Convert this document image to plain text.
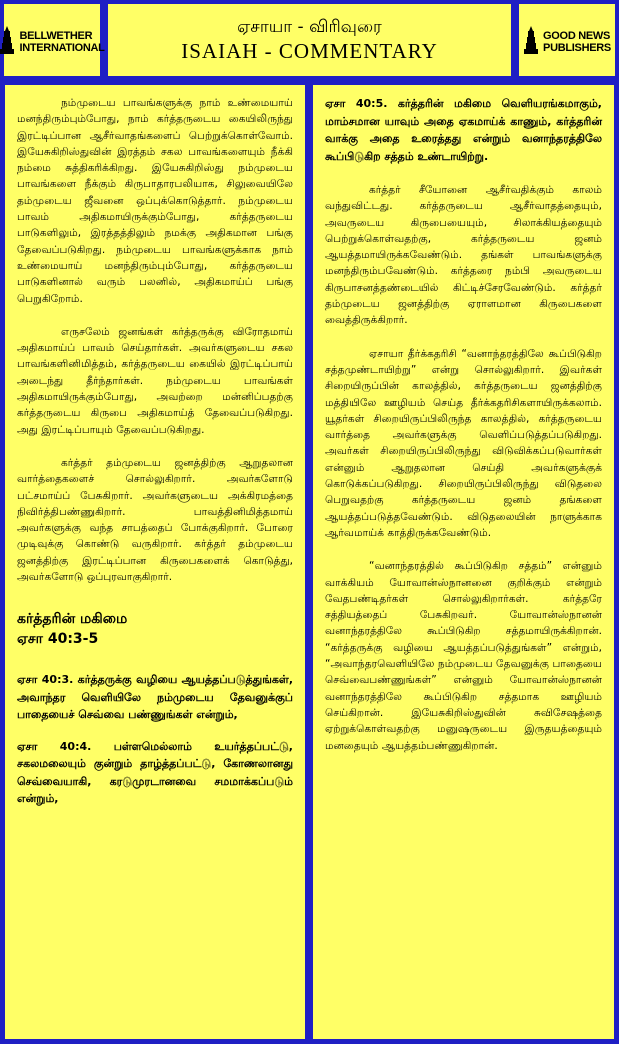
BELLWETHER
INTERNATIONAL
ஏசாயா - விரிவுரை
ISAIAH - COMMENTARY
GOOD NEWS
PUBLISHERS

நம்முடைய பாவங்களுக்கு நாம் உண்மையாய் மனந்திரும்பும்போது, நாம் கர்த்தருடைய கையிலிருந்து இரட்டிப்பான ஆசீர்வாதங்களைப் பெற்றுக்கொள்வோம். இயேசுகிறிஸ்துவின் இரத்தம் சகல பாவங்களையும் நீக்கி நம்மை சுத்திகரிக்கிறது. இயேசுகிறிஸ்து நம்முடைய பாவங்களை நீக்கும் கிருபாதாரபலியாக, சிலுவையிலே தம்முடைய ஜீவனை ஒப்புக்கொடுத்தார். நம்முடைய பாவம் அதிகமாயிருக்கும்போது, கர்த்தருடைய பாடுகளிலும், இரத்தத்திலும் நமக்கு அதிகமான பங்கு தேவைப்படுகிறது. நம்முடைய பாவங்களுக்காக நாம் உண்மையாய் மனந்திரும்பும்போது, கர்த்தருடைய பாடுகளினால் வரும் பலனில், அதிகமாய்ப் பங்கு பெறுகிறோம்.

எருசலேம் ஜனங்கள் கர்த்தருக்கு விரோதமாய் அதிகமாய்ப் பாவம் செய்தார்கள். அவர்களுடைய சகல பாவங்களினிமித்தம், கர்த்தருடைய கையில் இரட்டிப்பாய் அடைந்து தீர்ந்தார்கள். நம்முடைய பாவங்கள் அதிகமாயிருக்கும்போது, அவற்றை மன்னிப்பதற்கு கர்த்தருடைய கிருபை அதிகமாய்த் தேவைப்படுகிறது. அது இரட்டிப்பாயும் தேவைப்படுகிறது.

கர்த்தர் தம்முடைய ஜனத்திற்கு ஆறுதலான வார்த்தைகளைச் சொல்லுகிறார். அவர்களோடு பட்சமாய்ப் பேசுகிறார். அவர்களுடைய அக்கிரமத்தை நிவிர்த்திபண்ணுகிறார். பாவத்தினிமித்தமாய் அவர்களுக்கு வந்த சாபத்தைப் போக்குகிறார். போரை முடிவுக்கு கொண்டு வருகிறார். கர்த்தர் தம்முடைய ஜனத்திற்கு இரட்டிப்பான கிருபைகளைக் கொடுத்து, அவர்களோடு ஒப்புரவாகுகிறார்.

கர்த்தரின் மகிமை
ஏசா 40:3-5

ஏசா 40:3. கர்த்தருக்கு வழியை ஆயத்தப்படுத்துங்கள், அவாந்தர வெளியிலே நம்முடைய தேவனுக்குப் பாதையைச் செவ்வை பண்ணுங்கள் என்றும்,

ஏசா 40:4. பள்ளமெல்லாம் உயர்த்தப்பட்டு, சகலமலையும் குன்றும் தாழ்த்தப்பட்டு, கோணலானது செவ்வையாகி, கரடுமுரடானவை சமமாக்கப்படும் என்றும்,

ஏசா 40:5. கர்த்தரின் மகிமை வெளியரங்கமாகும், மாம்சமான யாவும் அதை ஏகமாய்க் காணும், கர்த்தரின் வாக்கு அதை உரைத்தது என்றும் வனாந்தரத்திலே கூப்பிடுகிற சத்தம் உண்டாயிற்று.

கர்த்தர் சீயோனை ஆசீர்வதிக்கும் காலம் வந்துவிட்டது. கர்த்தருடைய ஆசீர்வாதத்தையும், அவருடைய கிருபையையும், சிலாக்கியத்தையும் பெற்றுக்கொள்வதற்கு, கர்த்தருடைய ஜனம் ஆயத்தமாயிருக்கவேண்டும். தங்கள் பாவங்களுக்கு மனந்திரும்பவேண்டும். கர்த்தரை நம்பி அவருடைய கிருபாசனத்தண்டையில் கிட்டிச்சேரவேண்டும். கர்த்தர் தம்முடைய ஜனத்திற்கு ஏராளமான கிருபைகளை வைத்திருக்கிறார்.

ஏசாயா தீர்க்கதரிசி “வனாந்தரத்திலே கூப்பிடுகிற சத்தமுண்டாயிற்று” என்று சொல்லுகிறார். இவர்கள் சிறையிருப்பின் காலத்தில், கர்த்தருடைய ஜனத்திற்கு மத்தியிலே ஊழியம் செய்த தீர்க்கதரிசிகளாயிருக்கலாம். யூதர்கள் சிறையிருப்பிலிருந்த காலத்தில், கர்த்தருடைய வார்த்தை அவர்களுக்கு வெளிப்படுத்தப்படுகிறது. அவர்கள் சிறையிருப்பிலிருந்து விடுவிக்கப்படுவார்கள் என்னும் ஆறுதலான செய்தி அவர்களுக்குக் கொடுக்கப்படுகிறது. சிறையிருப்பிலிருந்து விடுதலை பெறுவதற்கு கர்த்தருடைய ஜனம் தங்களை ஆயத்தப்படுத்தவேண்டும். விடுதலையின் நாளுக்காக ஆர்வமாய்க் காத்திருக்கவேண்டும்.

“வனாந்தரத்தில் கூப்பிடுகிற சத்தம்” என்னும் வாக்கியம் யோவான்ஸ்நானனை குறிக்கும் என்றும் வேதபண்டிதர்கள் சொல்லுகிறார்கள். கர்த்தரே சத்தியத்தைப் பேசுகிறவர். யோவான்ஸ்நானன் வனாந்தரத்திலே கூப்பிடுகிற சத்தமாயிருக்கிறான். “கர்த்தருக்கு வழியை ஆயத்தப்படுத்துங்கள்” என்றும், “அவாந்தரவெளியிலே நம்முடைய தேவனுக்கு பாதையை செவ்வைபண்ணுங்கள்” என்னும் யோவான்ஸ்நானன் வனாந்தரத்திலே கூப்பிடுகிற சத்தமாக ஊழியம் செய்கிறான். இயேசுகிறிஸ்துவின் சுவிசேஷத்தை ஏற்றுக்கொள்வதற்கு மனுஷருடைய இருதயத்தையும் மனதையும் ஆயத்தம்பண்ணுகிறான்.
